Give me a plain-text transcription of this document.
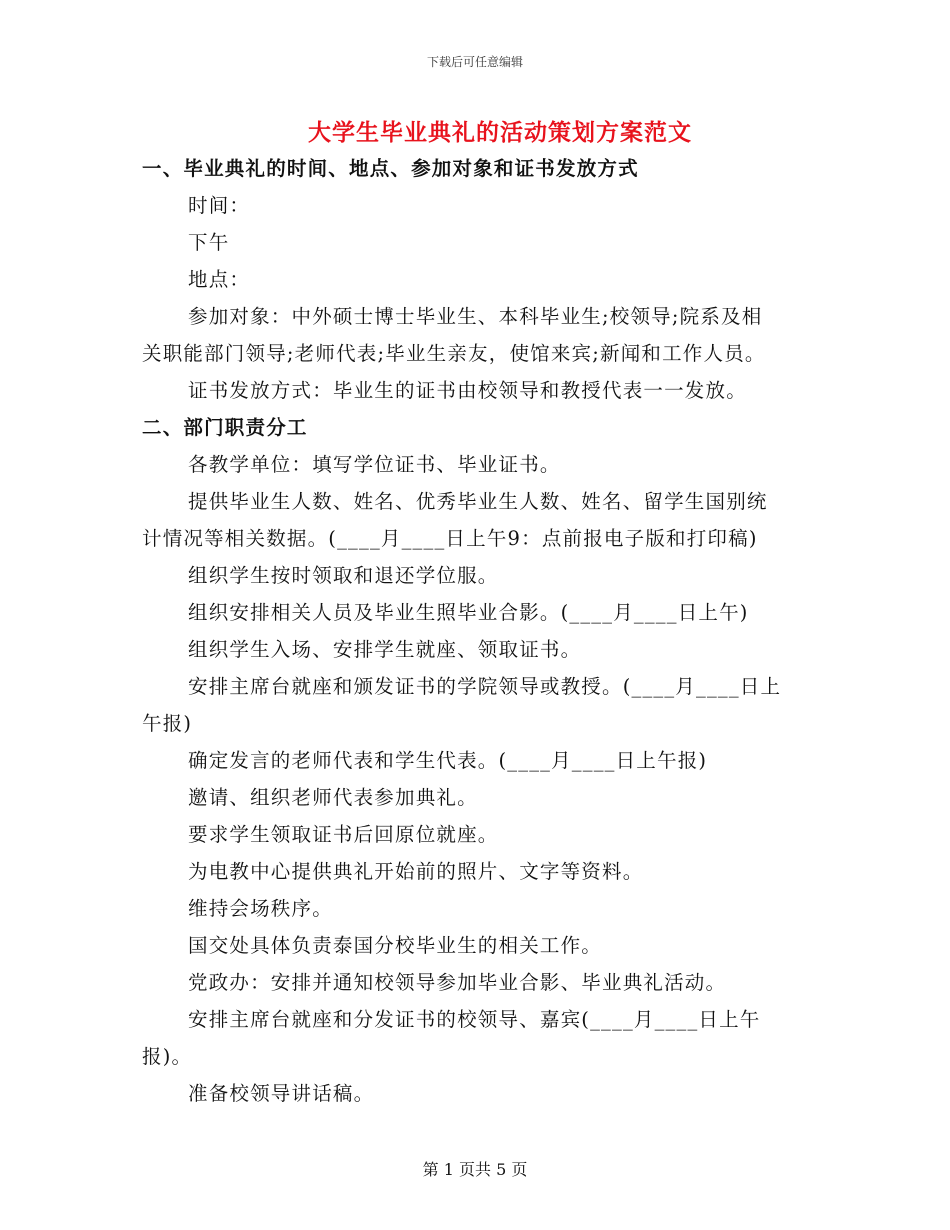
下载后可任意编辑
大学生毕业典礼的活动策划方案范文
一、毕业典礼的时间、地点、参加对象和证书发放方式
时间：
下午
地点：
参加对象：中外硕士博士毕业生、本科毕业生;校领导;院系及相
关职能部门领导;老师代表;毕业生亲友，使馆来宾;新闻和工作人员。
证书发放方式：毕业生的证书由校领导和教授代表一一发放。
二、部门职责分工
各教学单位：填写学位证书、毕业证书。
提供毕业生人数、姓名、优秀毕业生人数、姓名、留学生国别统
计情况等相关数据。(____月____日上午9：点前报电子版和打印稿)
组织学生按时领取和退还学位服。
组织安排相关人员及毕业生照毕业合影。(____月____日上午)
组织学生入场、安排学生就座、领取证书。
安排主席台就座和颁发证书的学院领导或教授。(____月____日上
午报)
确定发言的老师代表和学生代表。(____月____日上午报)
邀请、组织老师代表参加典礼。
要求学生领取证书后回原位就座。
为电教中心提供典礼开始前的照片、文字等资料。
维持会场秩序。
国交处具体负责泰国分校毕业生的相关工作。
党政办：安排并通知校领导参加毕业合影、毕业典礼活动。
安排主席台就座和分发证书的校领导、嘉宾(____月____日上午
报)。
准备校领导讲话稿。
第 1 页共 5 页
